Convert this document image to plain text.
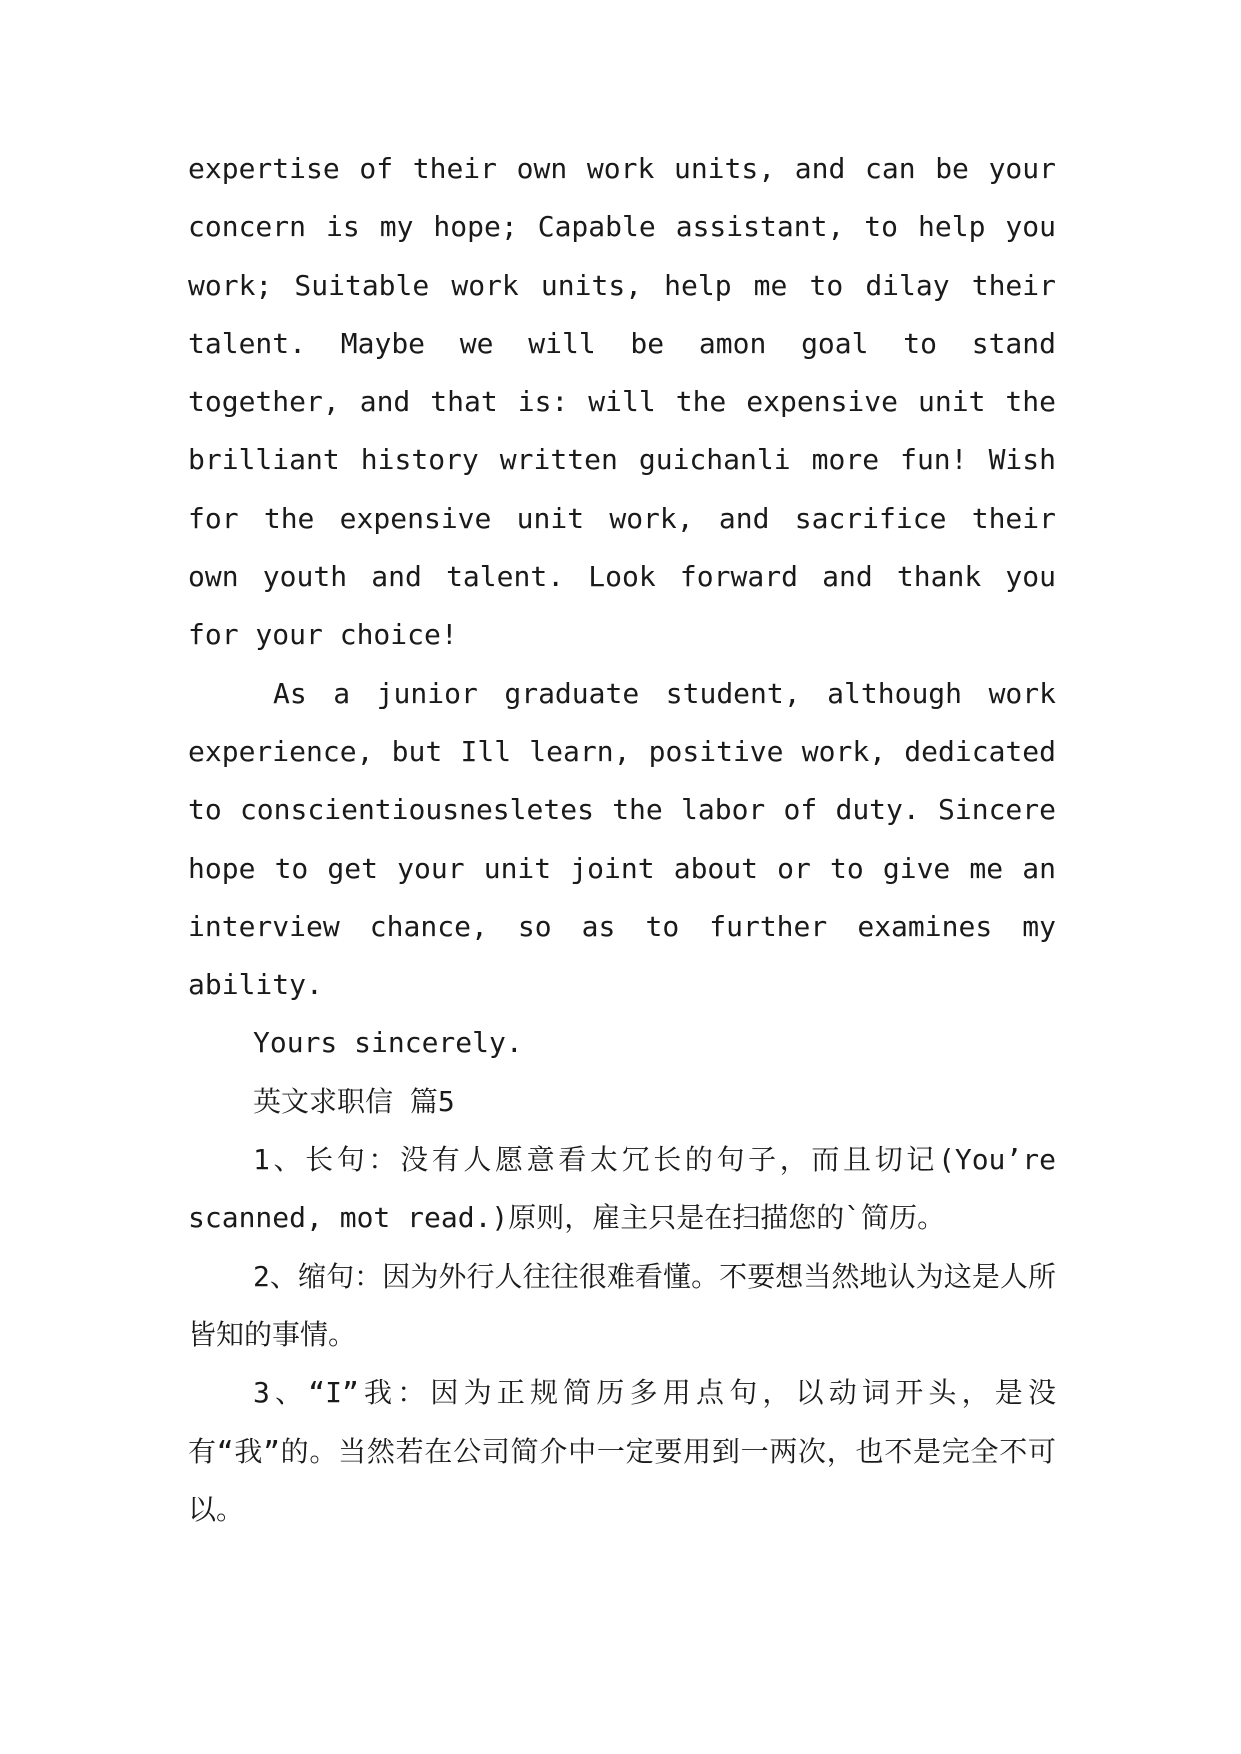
expertise of their own work units, and can be your concern is my hope; Capable assistant, to help you work; Suitable work units, help me to dilay their talent. Maybe we will be amon goal to stand together, and that is: will the expensive unit the brilliant history written guichanli more fun! Wish for the expensive unit work, and sacrifice their own youth and talent. Look forward and thank you for your choice!

As a junior graduate student, although work experience, but Ill learn, positive work, dedicated to conscientiousnesletes the labor of duty. Sincere hope to get your unit joint about or to give me an interview chance, so as to further examines my ability.

Yours sincerely.

英文求职信 篇5

1、长句：没有人愿意看太冗长的句子，而且切记(You’re scanned, mot read.)原则，雇主只是在扫描您的`简历。

2、缩句：因为外行人往往很难看懂。不要想当然地认为这是人所皆知的事情。

3、“I”我：因为正规简历多用点句，以动词开头，是没有“我”的。当然若在公司简介中一定要用到一两次，也不是完全不可以。
